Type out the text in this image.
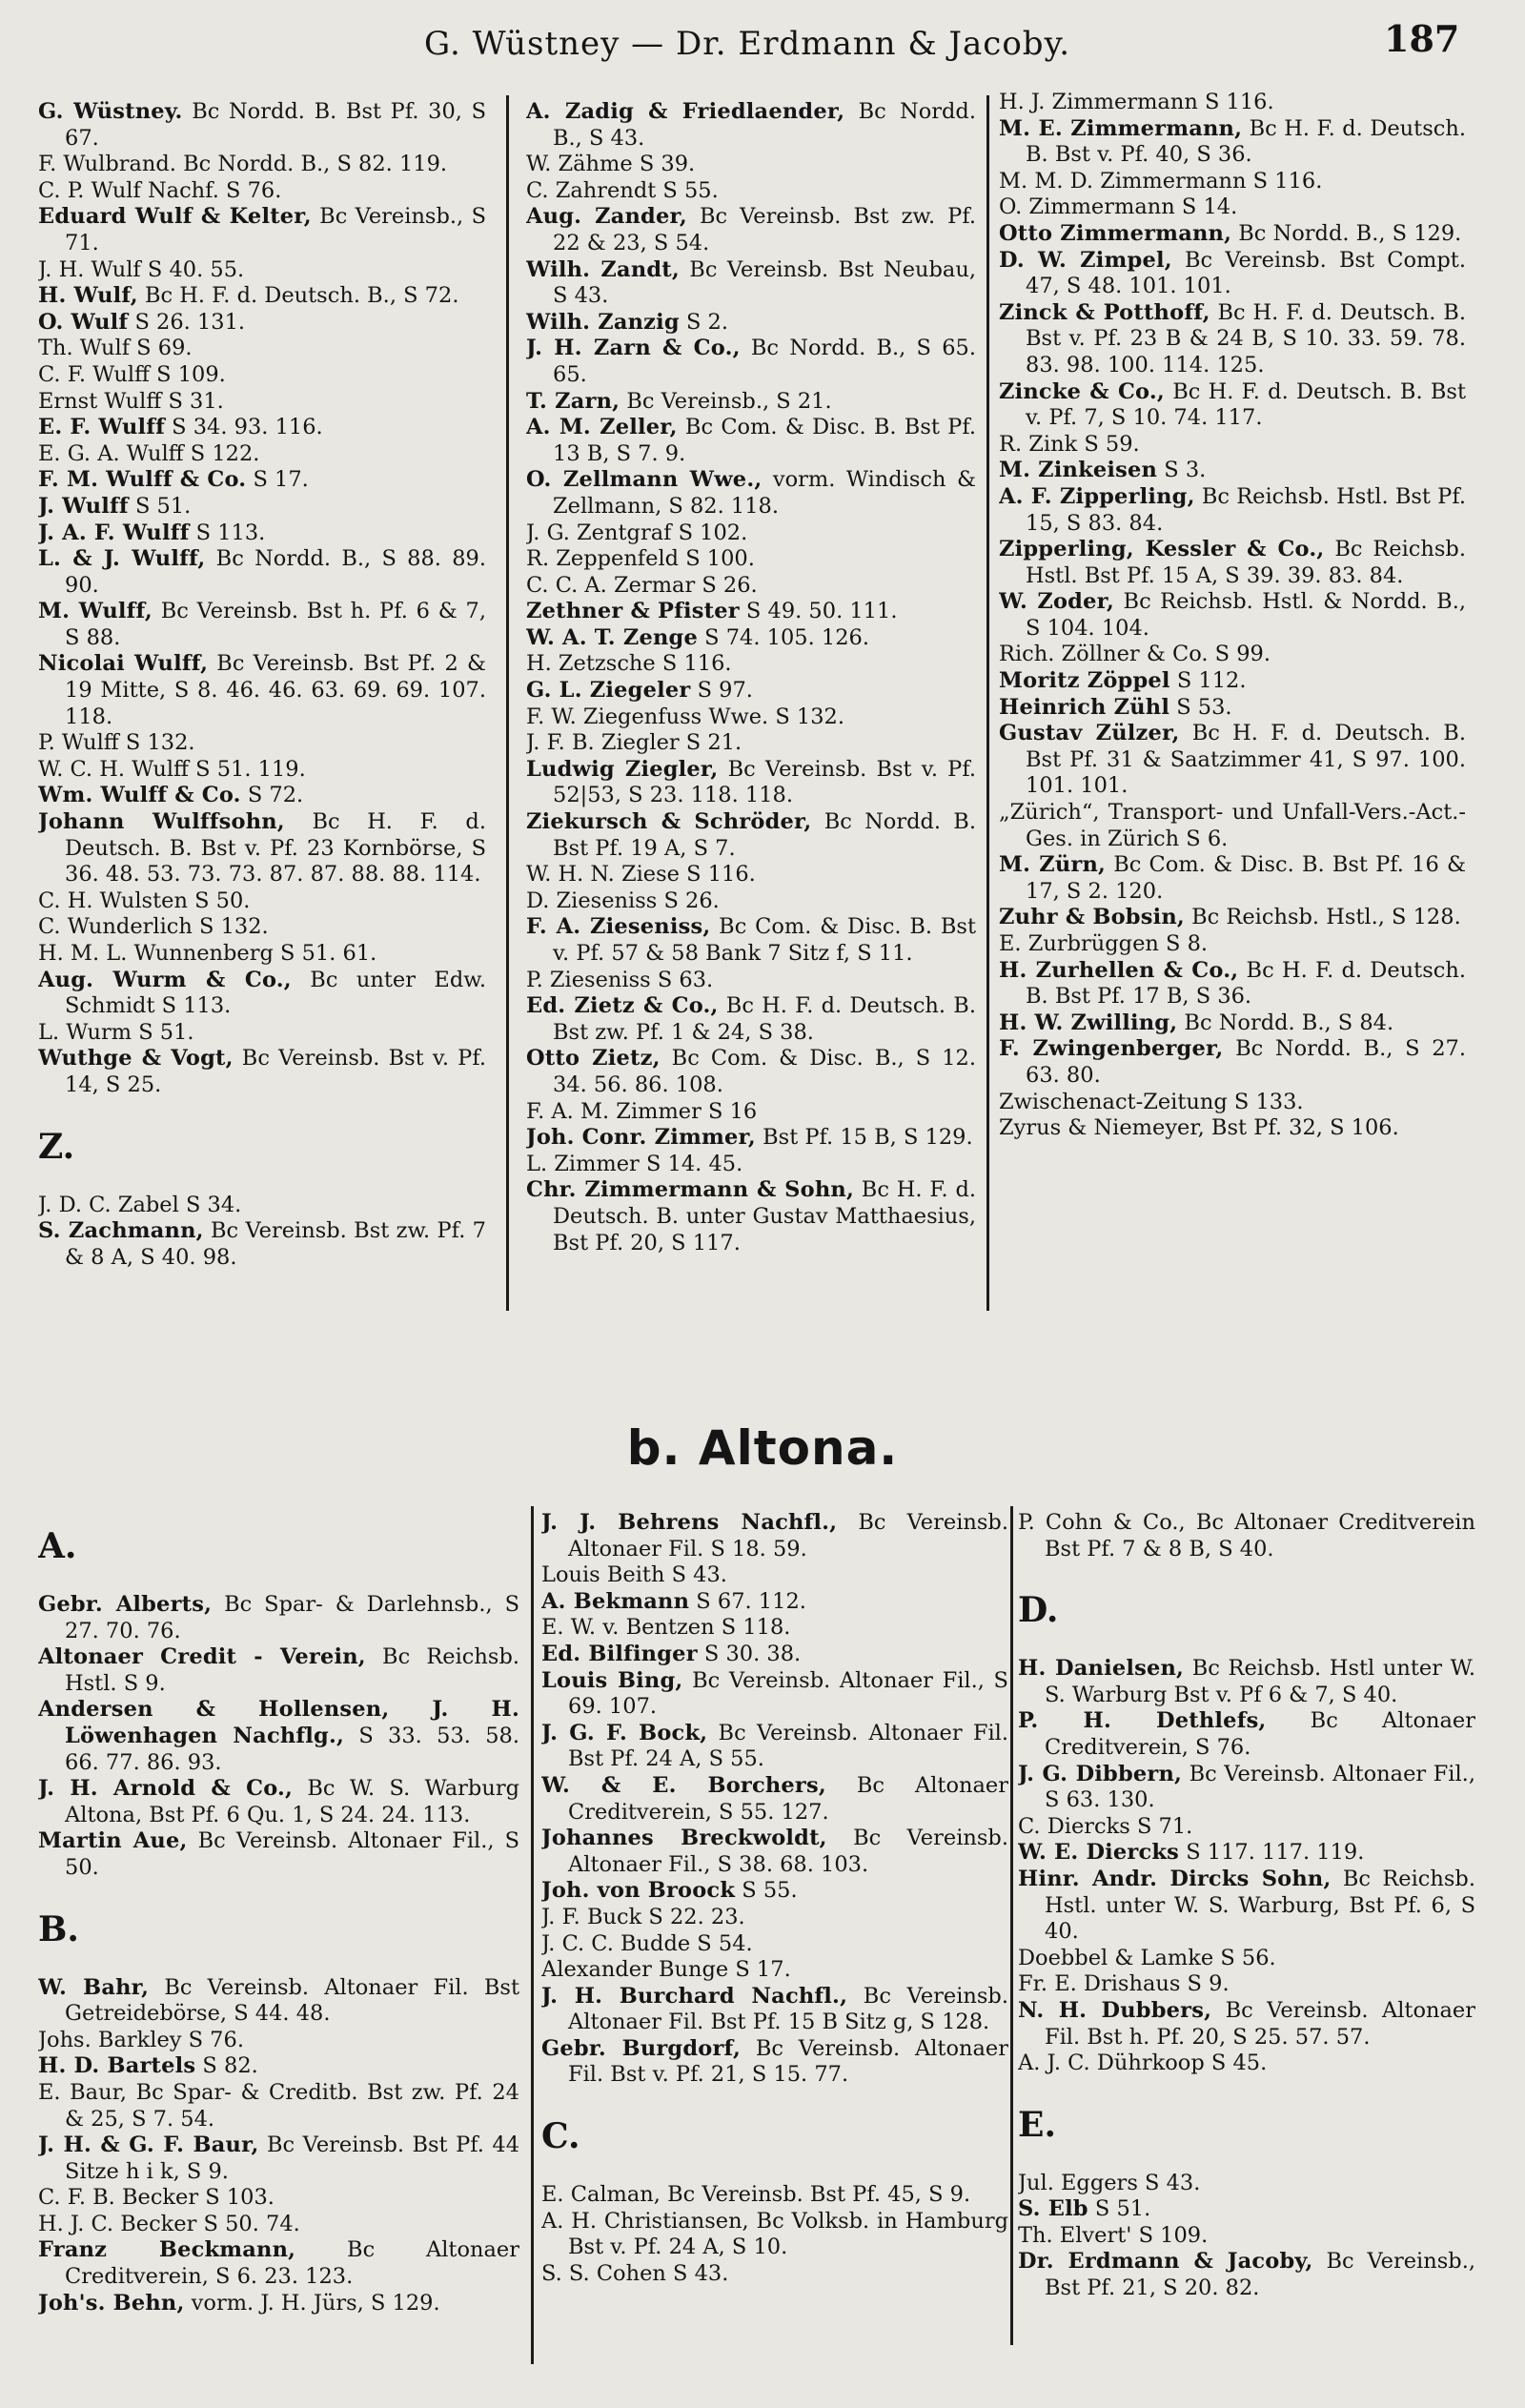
G. Wüstney — Dr. Erdmann & Jacoby.	187

G. Wüstney. Bc Nordd. B. Bst Pf. 30, S 67.

F. Wulbrand. Bc Nordd. B., S 82. 119.

C. P. Wulf Nachf. S 76.

Eduard Wulf & Kelter, Bc Vereinsb., S 71.

J. H. Wulf S 40. 55.

H. Wulf, Bc H. F. d. Deutsch. B., S 72.

O. Wulf S 26. 131.

Th. Wulf S 69.

C. F. Wulff S 109.

Ernst Wulff S 31.

E. F. Wulff S 34. 93. 116.

E. G. A. Wulff S 122.

F. M. Wulff & Co. S 17.

J. Wulff S 51.

J. A. F. Wulff S 113.

L. & J. Wulff, Bc Nordd. B., S 88. 89. 90.

M. Wulff, Bc Vereinsb. Bst h. Pf. 6 & 7, S 88.

Nicolai Wulff, Bc Vereinsb. Bst Pf. 2 & 19 Mitte, S 8. 46. 46. 63. 69. 69. 107. 118.

P. Wulff S 132.

W. C. H. Wulff S 51. 119.

Wm. Wulff & Co. S 72.

Johann Wulffsohn, Bc H. F. d. Deutsch. B. Bst v. Pf. 23 Kornbörse, S 36. 48. 53. 73. 73. 87. 87. 88. 88. 114.

C. H. Wulsten S 50.

C. Wunderlich S 132.

H. M. L. Wunnenberg S 51. 61.

Aug. Wurm & Co., Bc unter Edw. Schmidt S 113.

L. Wurm S 51.

Wuthge & Vogt, Bc Vereinsb. Bst v. Pf. 14, S 25.

Z.

J. D. C. Zabel S 34.

S. Zachmann, Bc Vereinsb. Bst zw. Pf. 7 & 8 A, S 40. 98.

A. Zadig & Friedlaender, Bc Nordd. B., S 43.

W. Zähme S 39.

C. Zahrendt S 55.

Aug. Zander, Bc Vereinsb. Bst zw. Pf. 22 & 23, S 54.

Wilh. Zandt, Bc Vereinsb. Bst Neubau, S 43.

Wilh. Zanzig S 2.

J. H. Zarn & Co., Bc Nordd. B., S 65. 65.

T. Zarn, Bc Vereinsb., S 21.

A. M. Zeller, Bc Com. & Disc. B. Bst Pf. 13 B, S 7. 9.

O. Zellmann Wwe., vorm. Windisch & Zellmann, S 82. 118.

J. G. Zentgraf S 102.

R. Zeppenfeld S 100.

C. C. A. Zermar S 26.

Zethner & Pfister S 49. 50. 111.

W. A. T. Zenge S 74. 105. 126.

H. Zetzsche S 116.

G. L. Ziegeler S 97.

F. W. Ziegenfuss Wwe. S 132.

J. F. B. Ziegler S 21.

Ludwig Ziegler, Bc Vereinsb. Bst v. Pf. 52|53, S 23. 118. 118.

Ziekursch & Schröder, Bc Nordd. B. Bst Pf. 19 A, S 7.

W. H. N. Ziese S 116.

D. Zieseniss S 26.

F. A. Zieseniss, Bc Com. & Disc. B. Bst v. Pf. 57 & 58 Bank 7 Sitz f, S 11.

P. Zieseniss S 63.

Ed. Zietz & Co., Bc H. F. d. Deutsch. B. Bst zw. Pf. 1 & 24, S 38.

Otto Zietz, Bc Com. & Disc. B., S 12. 34. 56. 86. 108.

F. A. M. Zimmer S 16

Joh. Conr. Zimmer, Bst Pf. 15 B, S 129.

L. Zimmer S 14. 45.

Chr. Zimmermann & Sohn, Bc H. F. d. Deutsch. B. unter Gustav Matthaesius, Bst Pf. 20, S 117.

H. J. Zimmermann S 116.

M. E. Zimmermann, Bc H. F. d. Deutsch. B. Bst v. Pf. 40, S 36.

M. M. D. Zimmermann S 116.

O. Zimmermann S 14.

Otto Zimmermann, Bc Nordd. B., S 129.

D. W. Zimpel, Bc Vereinsb. Bst Compt. 47, S 48. 101. 101.

Zinck & Potthoff, Bc H. F. d. Deutsch. B. Bst v. Pf. 23 B & 24 B, S 10. 33. 59. 78. 83. 98. 100. 114. 125.

Zincke & Co., Bc H. F. d. Deutsch. B. Bst v. Pf. 7, S 10. 74. 117.

R. Zink S 59.

M. Zinkeisen S 3.

A. F. Zipperling, Bc Reichsb. Hstl. Bst Pf. 15, S 83. 84.

Zipperling, Kessler & Co., Bc Reichsb. Hstl. Bst Pf. 15 A, S 39. 39. 83. 84.

W. Zoder, Bc Reichsb. Hstl. & Nordd. B., S 104. 104.

Rich. Zöllner & Co. S 99.

Moritz Zöppel S 112.

Heinrich Zühl S 53.

Gustav Zülzer, Bc H. F. d. Deutsch. B. Bst Pf. 31 & Saatzimmer 41, S 97. 100. 101. 101.

„Zürich“, Transport- und Unfall-Vers.-Act.-Ges. in Zürich S 6.

M. Zürn, Bc Com. & Disc. B. Bst Pf. 16 & 17, S 2. 120.

Zuhr & Bobsin, Bc Reichsb. Hstl., S 128.

E. Zurbrüggen S 8.

H. Zurhellen & Co., Bc H. F. d. Deutsch. B. Bst Pf. 17 B, S 36.

H. W. Zwilling, Bc Nordd. B., S 84.

F. Zwingenberger, Bc Nordd. B., S 27. 63. 80.

Zwischenact-Zeitung S 133.

Zyrus & Niemeyer, Bst Pf. 32, S 106.

b. Altona.

A.

Gebr. Alberts, Bc Spar- & Darlehnsb., S 27. 70. 76.

Altonaer Credit - Verein, Bc Reichsb. Hstl. S 9.

Andersen & Hollensen, J. H. Löwenhagen Nachflg., S 33. 53. 58. 66. 77. 86. 93.

J. H. Arnold & Co., Bc W. S. Warburg Altona, Bst Pf. 6 Qu. 1, S 24. 24. 113.

Martin Aue, Bc Vereinsb. Altonaer Fil., S 50.

B.

W. Bahr, Bc Vereinsb. Altonaer Fil. Bst Getreidebörse, S 44. 48.

Johs. Barkley S 76.

H. D. Bartels S 82.

E. Baur, Bc Spar- & Creditb. Bst zw. Pf. 24 & 25, S 7. 54.

J. H. & G. F. Baur, Bc Vereinsb. Bst Pf. 44 Sitze h i k, S 9.

C. F. B. Becker S 103.

H. J. C. Becker S 50. 74.

Franz Beckmann, Bc Altonaer Creditverein, S 6. 23. 123.

Joh's. Behn, vorm. J. H. Jürs, S 129.

J. J. Behrens Nachfl., Bc Vereinsb. Altonaer Fil. S 18. 59.

Louis Beith S 43.

A. Bekmann S 67. 112.

E. W. v. Bentzen S 118.

Ed. Bilfinger S 30. 38.

Louis Bing, Bc Vereinsb. Altonaer Fil., S 69. 107.

J. G. F. Bock, Bc Vereinsb. Altonaer Fil. Bst Pf. 24 A, S 55.

W. & E. Borchers, Bc Altonaer Creditverein, S 55. 127.

Johannes Breckwoldt, Bc Vereinsb. Altonaer Fil., S 38. 68. 103.

Joh. von Broock S 55.

J. F. Buck S 22. 23.

J. C. C. Budde S 54.

Alexander Bunge S 17.

J. H. Burchard Nachfl., Bc Vereinsb. Altonaer Fil. Bst Pf. 15 B Sitz g, S 128.

Gebr. Burgdorf, Bc Vereinsb. Altonaer Fil. Bst v. Pf. 21, S 15. 77.

C.

E. Calman, Bc Vereinsb. Bst Pf. 45, S 9.

A. H. Christiansen, Bc Volksb. in Hamburg Bst v. Pf. 24 A, S 10.

S. S. Cohen S 43.

P. Cohn & Co., Bc Altonaer Creditverein Bst Pf. 7 & 8 B, S 40.

D.

H. Danielsen, Bc Reichsb. Hstl unter W. S. Warburg Bst v. Pf 6 & 7, S 40.

P. H. Dethlefs, Bc Altonaer Creditverein, S 76.

J. G. Dibbern, Bc Vereinsb. Altonaer Fil., S 63. 130.

C. Diercks S 71.

W. E. Diercks S 117. 117. 119.

Hinr. Andr. Dircks Sohn, Bc Reichsb. Hstl. unter W. S. Warburg, Bst Pf. 6, S 40.

Doebbel & Lamke S 56.

Fr. E. Drishaus S 9.

N. H. Dubbers, Bc Vereinsb. Altonaer Fil. Bst h. Pf. 20, S 25. 57. 57.

A. J. C. Dührkoop S 45.

E.

Jul. Eggers S 43.

S. Elb S 51.

Th. Elvert' S 109.

Dr. Erdmann & Jacoby, Bc Vereinsb., Bst Pf. 21, S 20. 82.
